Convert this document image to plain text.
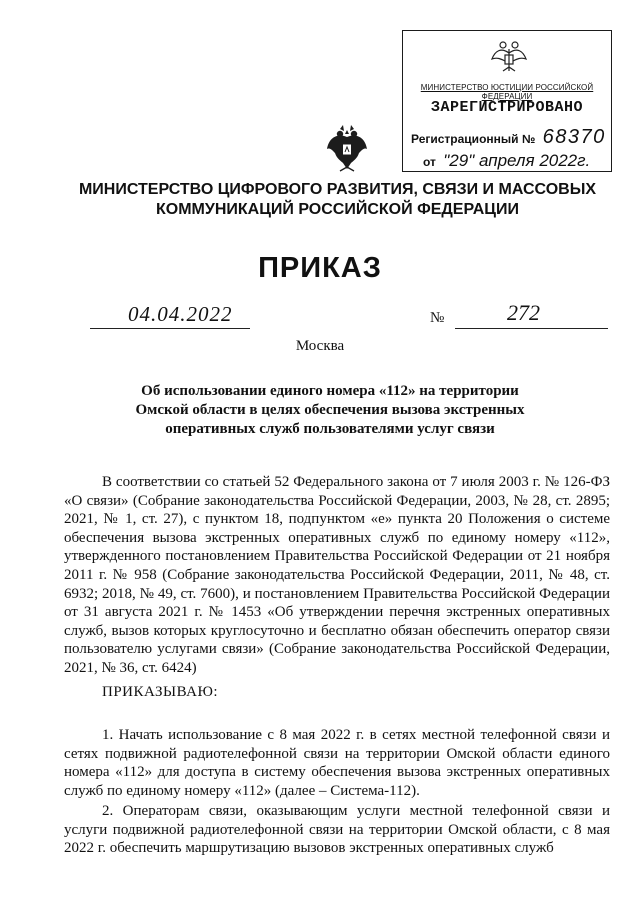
МИНИСТЕРСТВО ЮСТИЦИИ РОССИЙСКОЙ ФЕДЕРАЦИИ
ЗАРЕГИСТРИРОВАНО
Регистрационный № 68370
от "29" апреля 2022г.
МИНИСТЕРСТВО ЦИФРОВОГО РАЗВИТИЯ, СВЯЗИ И МАССОВЫХ КОММУНИКАЦИЙ РОССИЙСКОЙ ФЕДЕРАЦИИ
ПРИКАЗ
04.04.2022	№	272
Москва
Об использовании единого номера «112» на территории Омской области в целях обеспечения вызова экстренных оперативных служб пользователями услуг связи
В соответствии со статьей 52 Федерального закона от 7 июля 2003 г. № 126-ФЗ «О связи» (Собрание законодательства Российской Федерации, 2003, № 28, ст. 2895; 2021, № 1, ст. 27), с пунктом 18, подпунктом «е» пункта 20 Положения о системе обеспечения вызова экстренных оперативных служб по единому номеру «112», утвержденного постановлением Правительства Российской Федерации от 21 ноября 2011 г. № 958 (Собрание законодательства Российской Федерации, 2011, № 48, ст. 6932; 2018, № 49, ст. 7600), и постановлением Правительства Российской Федерации от 31 августа 2021 г. № 1453 «Об утверждении перечня экстренных оперативных служб, вызов которых круглосуточно и бесплатно обязан обеспечить оператор связи пользователю услугами связи» (Собрание законодательства Российской Федерации, 2021, № 36, ст. 6424)
ПРИКАЗЫВАЮ:
1. Начать использование с 8 мая 2022 г. в сетях местной телефонной связи и сетях подвижной радиотелефонной связи на территории Омской области единого номера «112» для доступа в систему обеспечения вызова экстренных оперативных служб по единому номеру «112» (далее – Система-112).
2. Операторам связи, оказывающим услуги местной телефонной связи и услуги подвижной радиотелефонной связи на территории Омской области, с 8 мая 2022 г. обеспечить маршрутизацию вызовов экстренных оперативных служб
